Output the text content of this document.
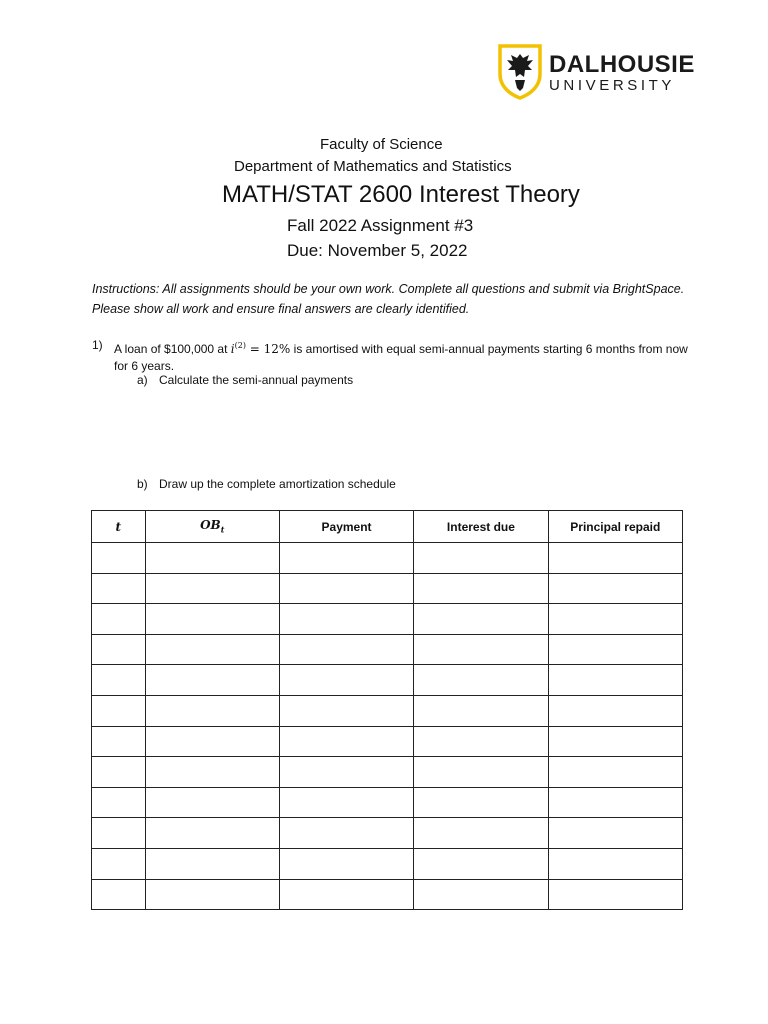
DALHOUSIE
UNIVERSITY
Faculty of Science
Department of Mathematics and Statistics
MATH/STAT 2600 Interest Theory
Fall 2022 Assignment #3
Due: November 5, 2022
Instructions: All assignments should be your own work. Complete all questions and submit via BrightSpace. Please show all work and ensure final answers are clearly identified.
1) A loan of $100,000 at $i^{(2)} = 12\%$ is amortised with equal semi-annual payments starting 6 months from now for 6 years.
a) Calculate the semi-annual payments
b) Draw up the complete amortization schedule
t	$OB_t$	Payment	Interest due	Principal repaid
